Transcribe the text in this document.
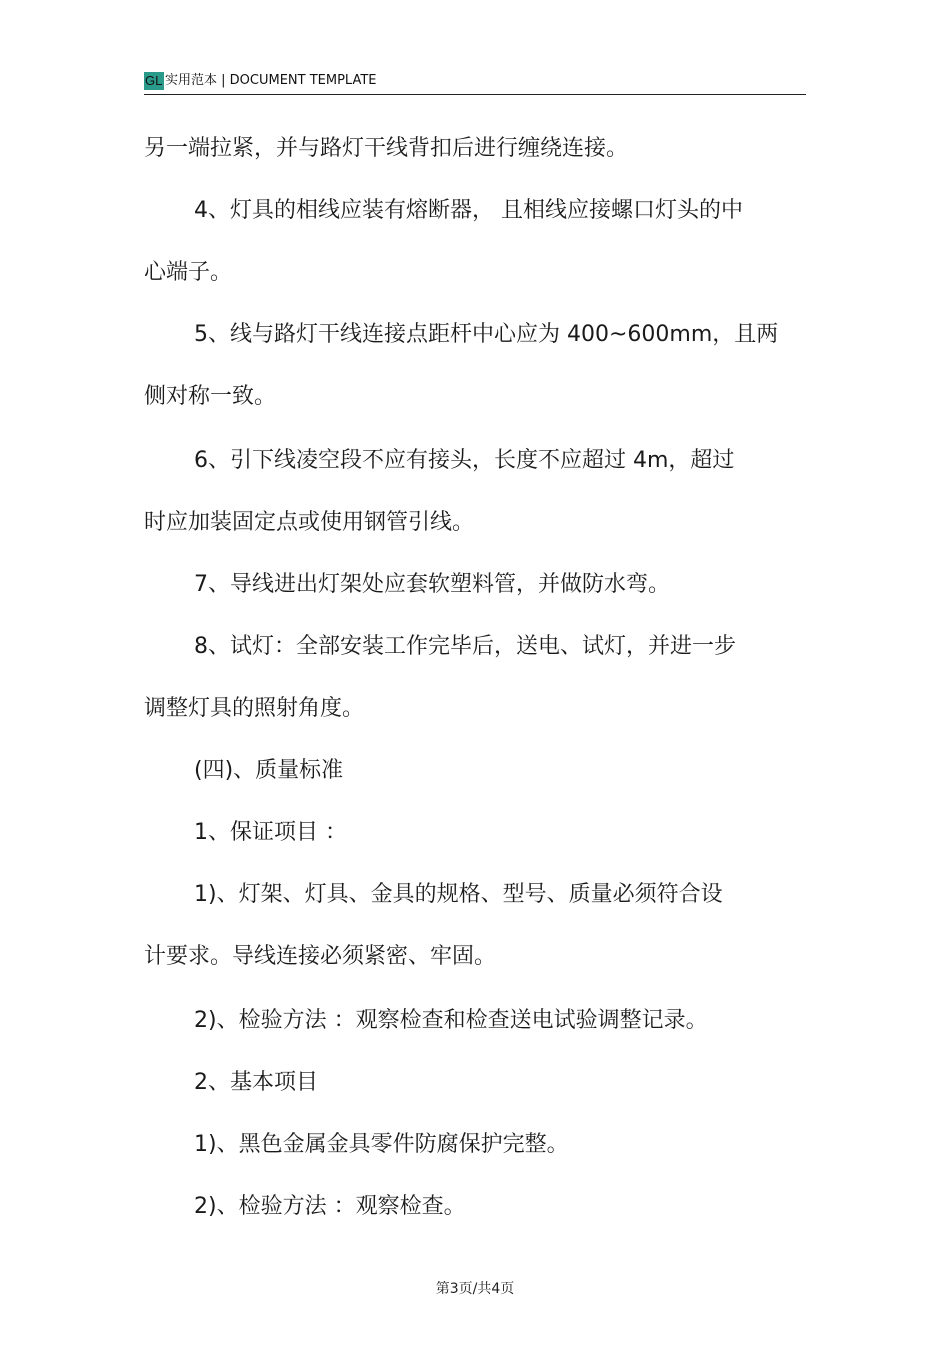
GL 实用范本 | DOCUMENT TEMPLATE
另一端拉紧，并与路灯干线背扣后进行缠绕连接。
4、灯具的相线应装有熔断器， 且相线应接螺口灯头的中
心端子。
5、线与路灯干线连接点距杆中心应为 400~600mm，且两
侧对称一致。
6、引下线凌空段不应有接头，长度不应超过 4m，超过
时应加装固定点或使用钢管引线。
7、导线进出灯架处应套软塑料管，并做防水弯。
8、试灯：全部安装工作完毕后，送电、试灯，并进一步
调整灯具的照射角度。
(四)、质量标准
1、保证项目 ：
1)、灯架、灯具、金具的规格、型号、质量必须符合设
计要求。导线连接必须紧密、牢固。
2)、检验方法 ：观察检查和检查送电试验调整记录。
2、基本项目
1)、黑色金属金具零件防腐保护完整。
2)、检验方法 ：观察检查。
第3页/共4页
